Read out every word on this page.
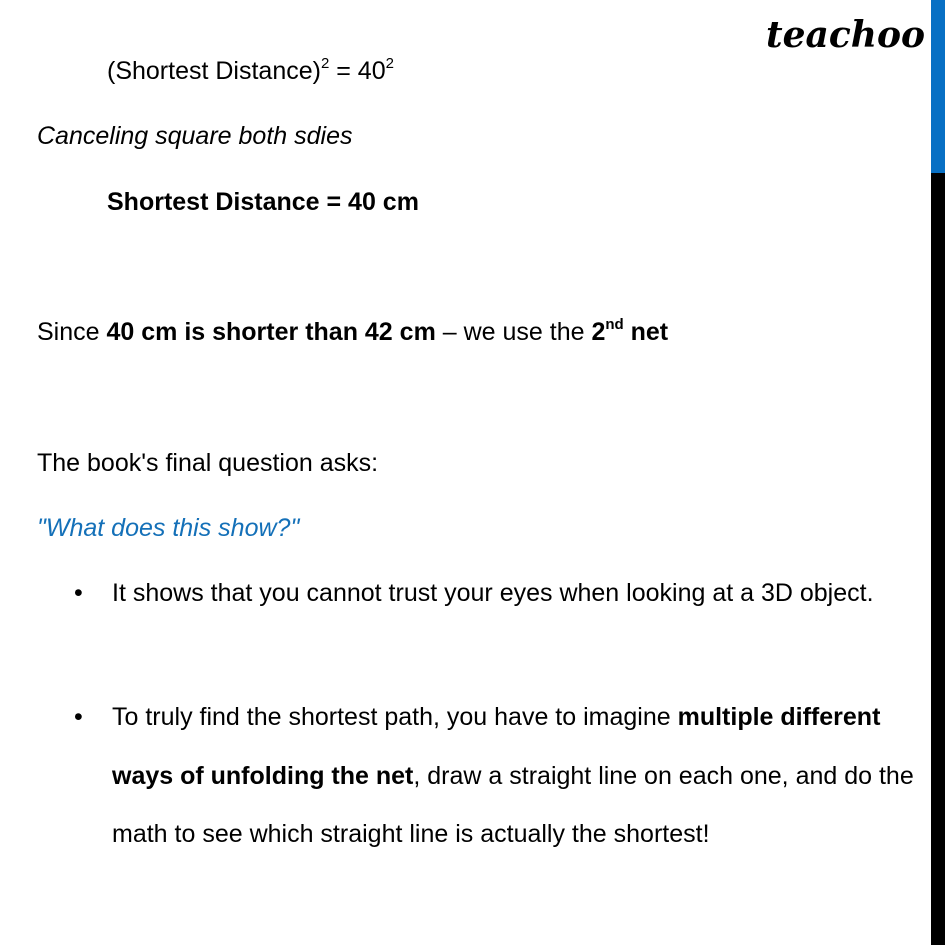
teachoo
(Shortest Distance)$^2$ = $40^2$
Canceling square both sdies
Shortest Distance = 40 cm
Since 40 cm is shorter than 42 cm – we use the 2nd net
The book's final question asks:
"What does this show?"
• It shows that you cannot trust your eyes when looking at a 3D object.
• To truly find the shortest path, you have to imagine multiple different ways of unfolding the net, draw a straight line on each one, and do the math to see which straight line is actually the shortest!
